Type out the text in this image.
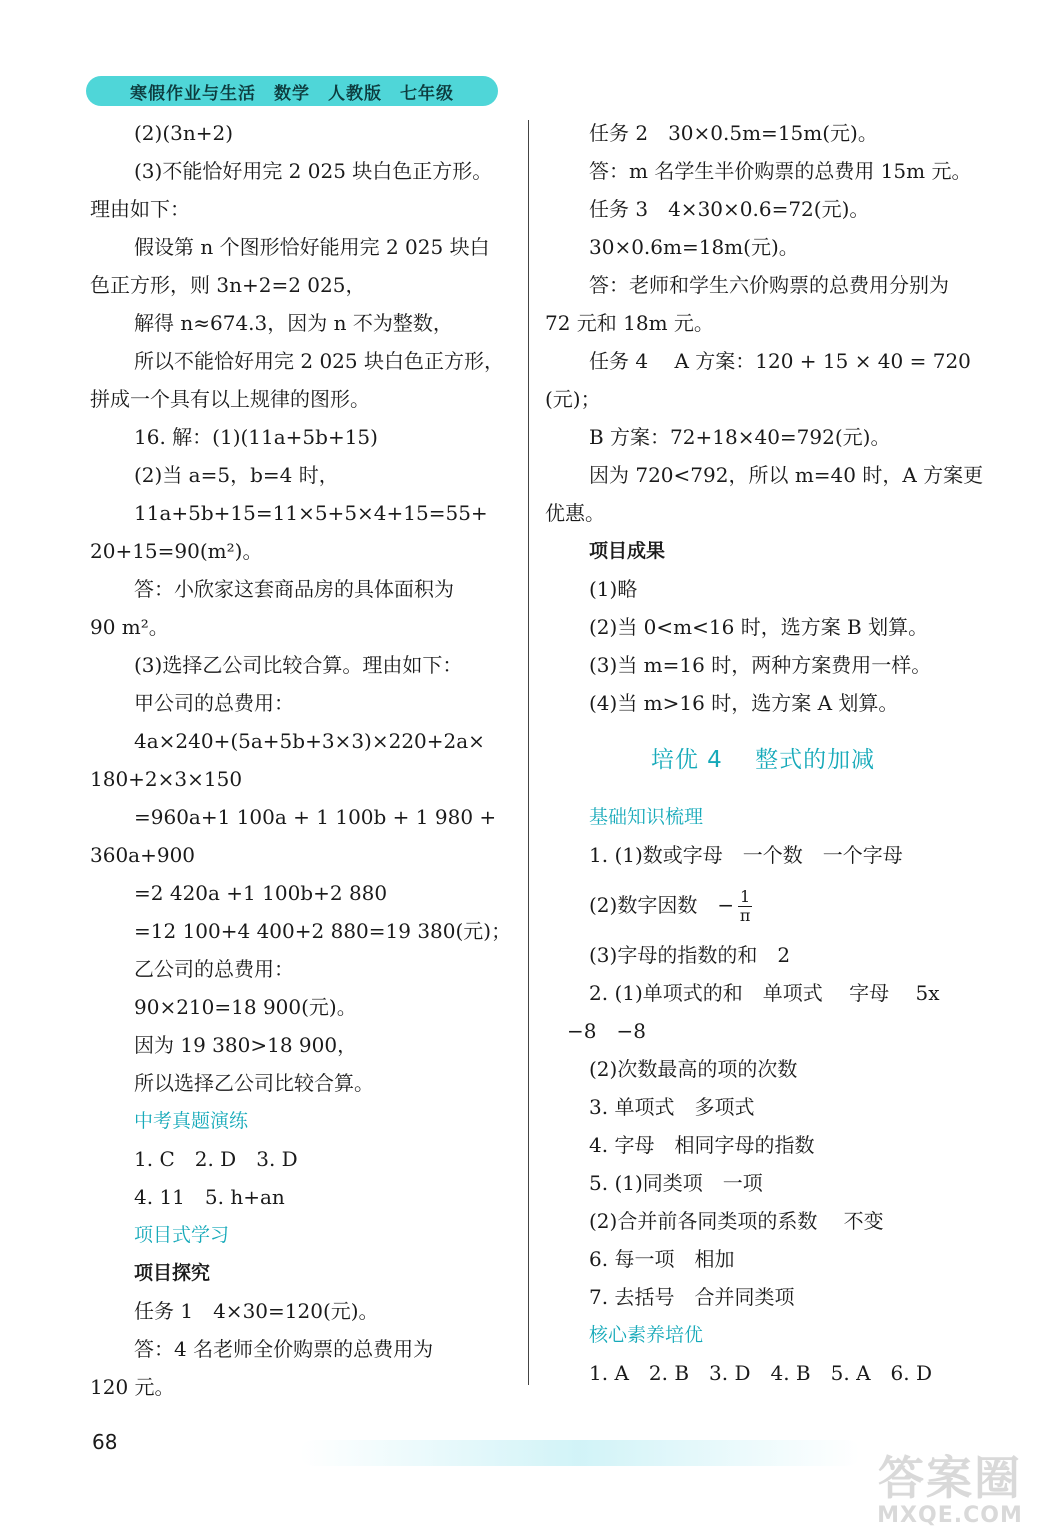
寒假作业与生活　数学　人教版　七年级
(2)(3n+2)
(3)不能恰好用完 2 025 块白色正方形。
理由如下：
假设第 n 个图形恰好能用完 2 025 块白
色正方形，则 3n+2=2 025，
解得 n≈674.3，因为 n 不为整数，
所以不能恰好用完 2 025 块白色正方形，
拼成一个具有以上规律的图形。
16. 解：(1)(11a+5b+15)
(2)当 a=5，b=4 时，
11a+5b+15=11×5+5×4+15=55+
20+15=90(m²)。
答：小欣家这套商品房的具体面积为
90 m²。
(3)选择乙公司比较合算。理由如下：
甲公司的总费用：
4a×240+(5a+5b+3×3)×220+2a×
180+2×3×150
=960a+1 100a + 1 100b + 1 980 +
360a+900
=2 420a +1 100b+2 880
=12 100+4 400+2 880=19 380(元)；
乙公司的总费用：
90×210=18 900(元)。
因为 19 380>18 900，
所以选择乙公司比较合算。
中考真题演练
1. C　2. D　3. D
4. 11　5. h+an
项目式学习
项目探究
任务 1　4×30=120(元)。
答：4 名老师全价购票的总费用为
120 元。
任务 2　30×0.5m=15m(元)。
答：m 名学生半价购票的总费用 15m 元。
任务 3　4×30×0.6=72(元)。
30×0.6m=18m(元)。
答：老师和学生六价购票的总费用分别为
72 元和 18m 元。
任务 4　 A 方案：120 + 15 × 40 = 720
(元)；
B 方案：72+18×40=792(元)。
因为 720<792，所以 m=40 时，A 方案更
优惠。
项目成果
(1)略
(2)当 0<m<16 时，选方案 B 划算。
(3)当 m=16 时，两种方案费用一样。
(4)当 m>16 时，选方案 A 划算。
培优 4　 整式的加减
基础知识梳理
1. (1)数或字母　一个数　一个字母
(2)数字因数　− $\frac{1}{\pi}$
(3)字母的指数的和　2
2. (1)单项式的和　单项式　 字母　 5x
−8　−8
(2)次数最高的项的次数
3. 单项式　多项式
4. 字母　相同字母的指数
5. (1)同类项　一项
(2)合并前各同类项的系数　 不变
6. 每一项　相加
7. 去括号　合并同类项
核心素养培优
1. A　2. B　3. D　4. B　5. A　6. D
68
答案圈
MXQE.COM
